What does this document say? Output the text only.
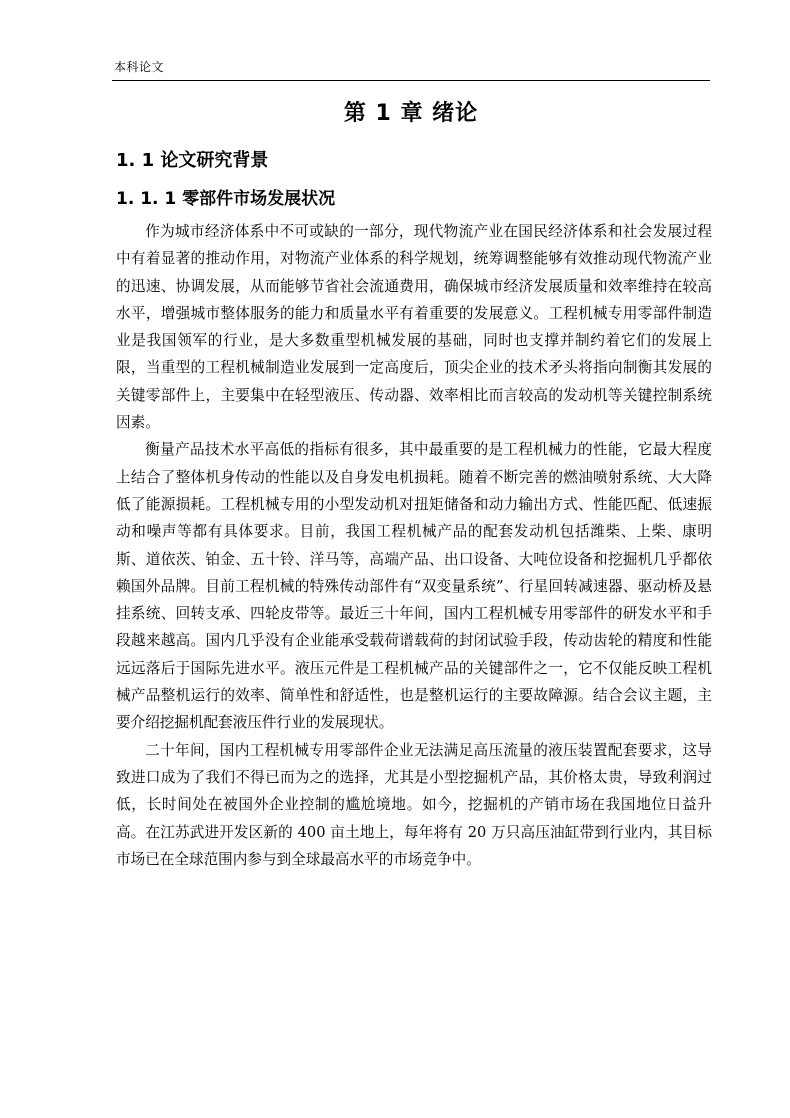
本科论文
第 1 章 绪论
1. 1 论文研究背景
1. 1. 1 零部件市场发展状况

作为城市经济体系中不可或缺的一部分，现代物流产业在国民经济体系和社会发展过程中有着显著的推动作用，对物流产业体系的科学规划，统筹调整能够有效推动现代物流产业的迅速、协调发展，从而能够节省社会流通费用，确保城市经济发展质量和效率维持在较高水平，增强城市整体服务的能力和质量水平有着重要的发展意义。工程机械专用零部件制造业是我国领军的行业，是大多数重型机械发展的基础，同时也支撑并制约着它们的发展上限，当重型的工程机械制造业发展到一定高度后，顶尖企业的技术矛头将指向制衡其发展的关键零部件上，主要集中在轻型液压、传动器、效率相比而言较高的发动机等关键控制系统因素。

衡量产品技术水平高低的指标有很多，其中最重要的是工程机械力的性能，它最大程度上结合了整体机身传动的性能以及自身发电机损耗。随着不断完善的燃油喷射系统、大大降低了能源损耗。工程机械专用的小型发动机对扭矩储备和动力输出方式、性能匹配、低速振动和噪声等都有具体要求。目前，我国工程机械产品的配套发动机包括潍柴、上柴、康明斯、道依茨、铂金、五十铃、洋马等，高端产品、出口设备、大吨位设备和挖掘机几乎都依赖国外品牌。目前工程机械的特殊传动部件有“双变量系统”、行星回转减速器、驱动桥及悬挂系统、回转支承、四轮皮带等。最近三十年间，国内工程机械专用零部件的研发水平和手段越来越高。国内几乎没有企业能承受载荷谱载荷的封闭试验手段，传动齿轮的精度和性能远远落后于国际先进水平。液压元件是工程机械产品的关键部件之一，它不仅能反映工程机械产品整机运行的效率、简单性和舒适性，也是整机运行的主要故障源。结合会议主题，主要介绍挖掘机配套液压件行业的发展现状。

二十年间，国内工程机械专用零部件企业无法满足高压流量的液压装置配套要求，这导致进口成为了我们不得已而为之的选择，尤其是小型挖掘机产品，其价格太贵，导致利润过低，长时间处在被国外企业控制的尴尬境地。如今，挖掘机的产销市场在我国地位日益升高。在江苏武进开发区新的 400 亩土地上，每年将有 20 万只高压油缸带到行业内，其目标市场已在全球范围内参与到全球最高水平的市场竞争中。
